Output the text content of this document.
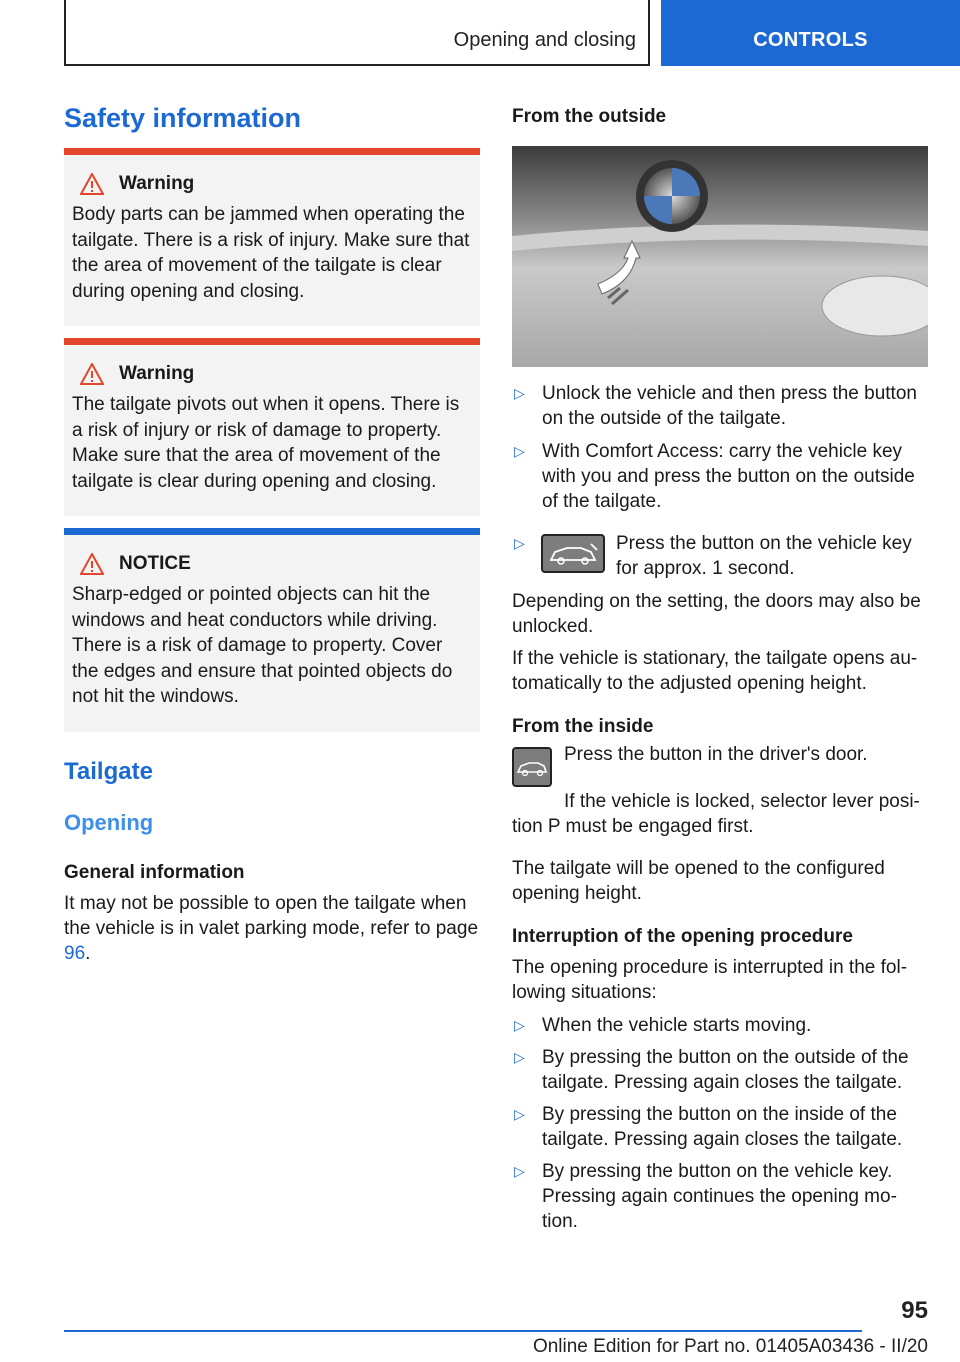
Opening and closing	CONTROLS
Safety information
Warning
Body parts can be jammed when operating the tailgate. There is a risk of injury. Make sure that the area of movement of the tailgate is clear during opening and closing.
Warning
The tailgate pivots out when it opens. There is a risk of injury or risk of damage to property. Make sure that the area of movement of the tailgate is clear during opening and closing.
NOTICE
Sharp-edged or pointed objects can hit the windows and heat conductors while driving. There is a risk of damage to property. Cover the edges and ensure that pointed objects do not hit the windows.
Tailgate
Opening
General information
It may not be possible to open the tailgate when the vehicle is in valet parking mode, refer to page 96.
From the outside
▷ Unlock the vehicle and then press the button on the outside of the tailgate.
▷ With Comfort Access: carry the vehicle key with you and press the button on the outside of the tailgate.
▷	Press the button on the vehicle key for approx. 1 second.
Depending on the setting, the doors may also be unlocked.
If the vehicle is stationary, the tailgate opens au-tomatically to the adjusted opening height.
From the inside
Press the button in the driver's door.
If the vehicle is locked, selector lever posi-tion P must be engaged first.
The tailgate will be opened to the configured opening height.
Interruption of the opening procedure
The opening procedure is interrupted in the fol-lowing situations:
▷ When the vehicle starts moving.
▷ By pressing the button on the outside of the tailgate. Pressing again closes the tailgate.
▷ By pressing the button on the inside of the tailgate. Pressing again closes the tailgate.
▷ By pressing the button on the vehicle key. Pressing again continues the opening mo-tion.
95
Online Edition for Part no. 01405A03436 - II/20
